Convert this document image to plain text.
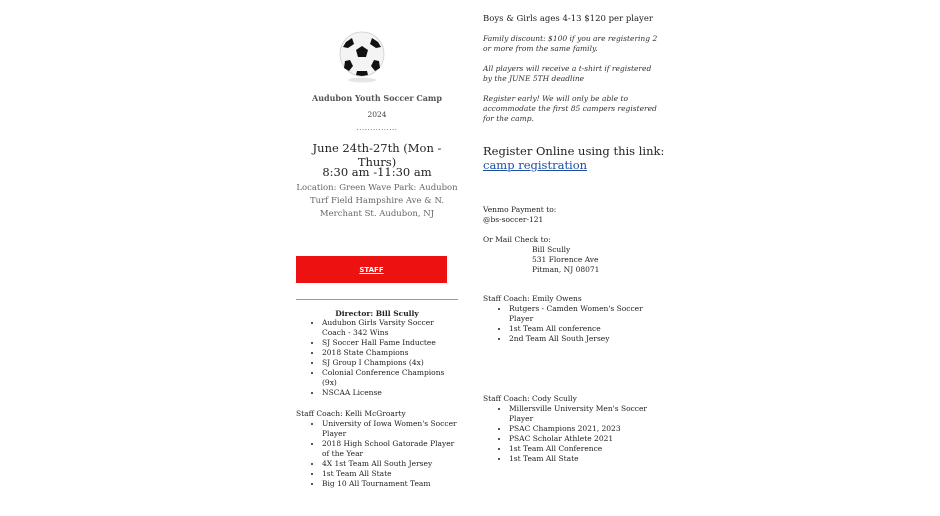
Audubon Youth Soccer Camp
2024
...............
June 24th-27th (Mon - Thurs)
8:30 am -11:30 am
Location: Green Wave Park: Audubon Turf Field Hampshire Ave & N. Merchant St. Audubon, NJ
STAFF
Director: Bill Scully
• Audubon Girls Varsity Soccer Coach - 342 Wins
• SJ Soccer Hall Fame Inductee
• 2018 State Champions
• SJ Group I Champions (4x)
• Colonial Conference Champions (9x)
• NSCAA License
Staff Coach: Kelli McGroarty
• University of Iowa Women's Soccer Player
• 2018 High School Gatorade Player of the Year
• 4X 1st Team All South Jersey
• 1st Team All State
• Big 10 All Tournament Team

Boys & Girls ages 4-13 $120 per player

Family discount: $100 if you are registering 2 or more from the same family.

All players will receive a t-shirt if registered by the JUNE 5TH deadline

Register early! We will only be able to accommodate the first 85 campers registered for the camp.

Register Online using this link:
camp registration
Venmo Payment to:
@bs-soccer-121
Or Mail Check to:
Bill Scully
531 Florence Ave
Pitman, NJ 08071
Staff Coach: Emily Owens
• Rutgers - Camden Women's Soccer Player
• 1st Team All conference
• 2nd Team All South Jersey
Staff Coach: Cody Scully
• Millersville University Men's Soccer Player
• PSAC Champions 2021, 2023
• PSAC Scholar Athlete 2021
• 1st Team All Conference
• 1st Team All State
